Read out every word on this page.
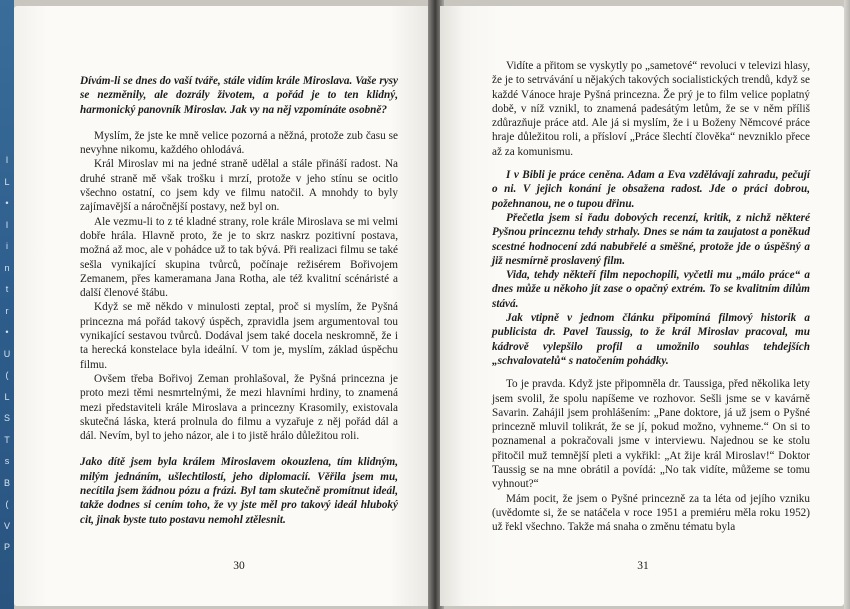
I
L
•
I
i
n
t
r
•
U
(
L
S
T
s
B
(
V
P

Dívám-li se dnes do vaší tváře, stále vidím krále Miroslava. Vaše rysy se nezměnily, ale dozrály životem, a pořád je to ten klidný, harmonický panovník Miroslav. Jak vy na něj vzpomínáte osobně?

Myslím, že jste ke mně velice pozorná a něžná, protože zub času se nevyhne nikomu, každého ohlodává.

Král Miroslav mi na jedné straně udělal a stále přináší radost. Na druhé straně mě však trošku i mrzí, protože v jeho stínu se ocitlo všechno ostatní, co jsem kdy ve filmu natočil. A mnohdy to byly zajímavější a náročnější postavy, než byl on.

Ale vezmu-li to z té kladné strany, role krále Miroslava se mi velmi dobře hrála. Hlavně proto, že je to skrz naskrz pozitivní postava, možná až moc, ale v pohádce už to tak bývá. Při realizaci filmu se také sešla vynikající skupina tvůrců, počínaje režisérem Bořivojem Zemanem, přes kameramana Jana Rotha, ale též kvalitní scénáristé a další členové štábu.

Když se mě někdo v minulosti zeptal, proč si myslím, že Pyšná princezna má pořád takový úspěch, zpravidla jsem argumentoval tou vynikající sestavou tvůrců. Dodával jsem také docela neskromně, že i ta herecká konstelace byla ideální. V tom je, myslím, základ úspěchu filmu.

Ovšem třeba Bořivoj Zeman prohlašoval, že Pyšná princezna je proto mezi těmi nesmrtelnými, že mezi hlavními hrdiny, to znamená mezi představiteli krále Miroslava a princezny Krasomily, existovala skutečná láska, která prolnula do filmu a vyzařuje z něj pořád dál a dál. Nevím, byl to jeho názor, ale i to jistě hrálo důležitou roli.

Jako dítě jsem byla králem Miroslavem okouzlena, tím klidným, milým jednáním, ušlechtilostí, jeho diplomacií. Věřila jsem mu, necítila jsem žádnou pózu a frázi. Byl tam skutečně promítnut ideál, takže dodnes si cením toho, že vy jste měl pro takový ideál hluboký cit, jinak byste tuto postavu nemohl ztělesnit.

30

Vidíte a přitom se vyskytly po „sametové“ revoluci v televizi hlasy, že je to setrvávání u nějakých takových socialistických trendů, když se každé Vánoce hraje Pyšná princezna. Že prý je to film velice poplatný době, v níž vznikl, to znamená padesátým letům, že se v něm příliš zdůrazňuje práce atd. Ale já si myslím, že i u Boženy Němcové práce hraje důležitou roli, a přísloví „Práce šlechtí člověka“ nevzniklo přece až za komunismu.

I v Bibli je práce ceněna. Adam a Eva vzdělávají zahradu, pečují o ni. V jejich konání je obsažena radost. Jde o práci dobrou, požehnanou, ne o tupou dřinu.

Přečetla jsem si řadu dobových recenzí, kritik, z nichž některé Pyšnou princeznu tehdy strhaly. Dnes se nám ta zaujatost a poněkud scestné hodnocení zdá nabubřelé a směšné, protože jde o úspěšný a již nesmírně proslavený film.

Vida, tehdy někteří film nepochopili, vyčetli mu „málo práce“ a dnes může u někoho jít zase o opačný extrém. To se kvalitním dílům stává.

Jak vtipně v jednom článku připomíná filmový historik a publicista dr. Pavel Taussig, to že král Miroslav pracoval, mu kádrově vylepšilo profil a umožnilo souhlas tehdejších „schvalovatelů“ s natočením pohádky.

To je pravda. Když jste připomněla dr. Taussiga, před několika lety jsem svolil, že spolu napíšeme ve rozhovor. Sešli jsme se v kavárně Savarin. Zahájil jsem prohlášením: „Pane doktore, já už jsem o Pyšné princezně mluvil tolikrát, že se jí, pokud možno, vyhneme.“ On si to poznamenal a pokračovali jsme v interviewu. Najednou se ke stolu přitočil muž temnější pleti a vykřikl: „At žije král Miroslav!“ Doktor Taussig se na mne obrátil a povídá: „No tak vidíte, můžeme se tomu vyhnout?“

Mám pocit, že jsem o Pyšné princezně za ta léta od jejího vzniku (uvědomte si, že se natáčela v roce 1951 a premiéru měla roku 1952) už řekl všechno. Takže má snaha o změnu tématu byla

31
